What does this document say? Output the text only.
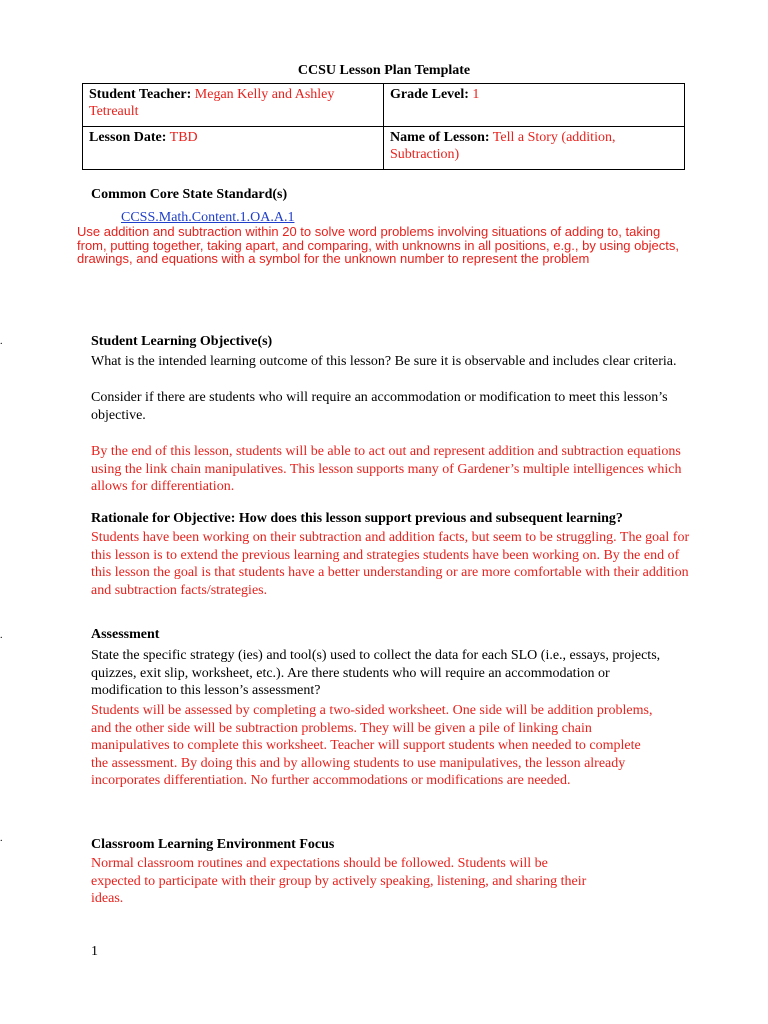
CCSU Lesson Plan Template
Student Teacher: Megan Kelly and Ashley Tetreault	Grade Level: 1
Lesson Date: TBD	Name of Lesson: Tell a Story (addition, Subtraction)
Common Core State Standard(s)
CCSS.Math.Content.1.OA.A.1
Use addition and subtraction within 20 to solve word problems involving situations of adding to, taking from, putting together, taking apart, and comparing, with unknowns in all positions, e.g., by using objects, drawings, and equations with a symbol for the unknown number to represent the problem
.
.
.
Student Learning Objective(s)
What is the intended learning outcome of this lesson? Be sure it is observable and includes clear criteria.
Consider if there are students who will require an accommodation or modification to meet this lesson’s objective.
By the end of this lesson, students will be able to act out and represent addition and subtraction equations using the link chain manipulatives. This lesson supports many of Gardener’s multiple intelligences which allows for differentiation.
Rationale for Objective: How does this lesson support previous and subsequent learning?
Students have been working on their subtraction and addition facts, but seem to be struggling. The goal for this lesson is to extend the previous learning and strategies students have been working on. By the end of this lesson the goal is that students have a better understanding or are more comfortable with their addition and subtraction facts/strategies.
Assessment
State the specific strategy (ies) and tool(s) used to collect the data for each SLO (i.e., essays, projects, quizzes, exit slip, worksheet, etc.). Are there students who will require an accommodation or modification to this lesson’s assessment?
Students will be assessed by completing a two-sided worksheet. One side will be addition problems, and the other side will be subtraction problems. They will be given a pile of linking chain manipulatives to complete this worksheet. Teacher will support students when needed to complete the assessment. By doing this and by allowing students to use manipulatives, the lesson already incorporates differentiation. No further accommodations or modifications are needed.
Classroom Learning Environment Focus
Normal classroom routines and expectations should be followed. Students will be expected to participate with their group by actively speaking, listening, and sharing their ideas.
1
